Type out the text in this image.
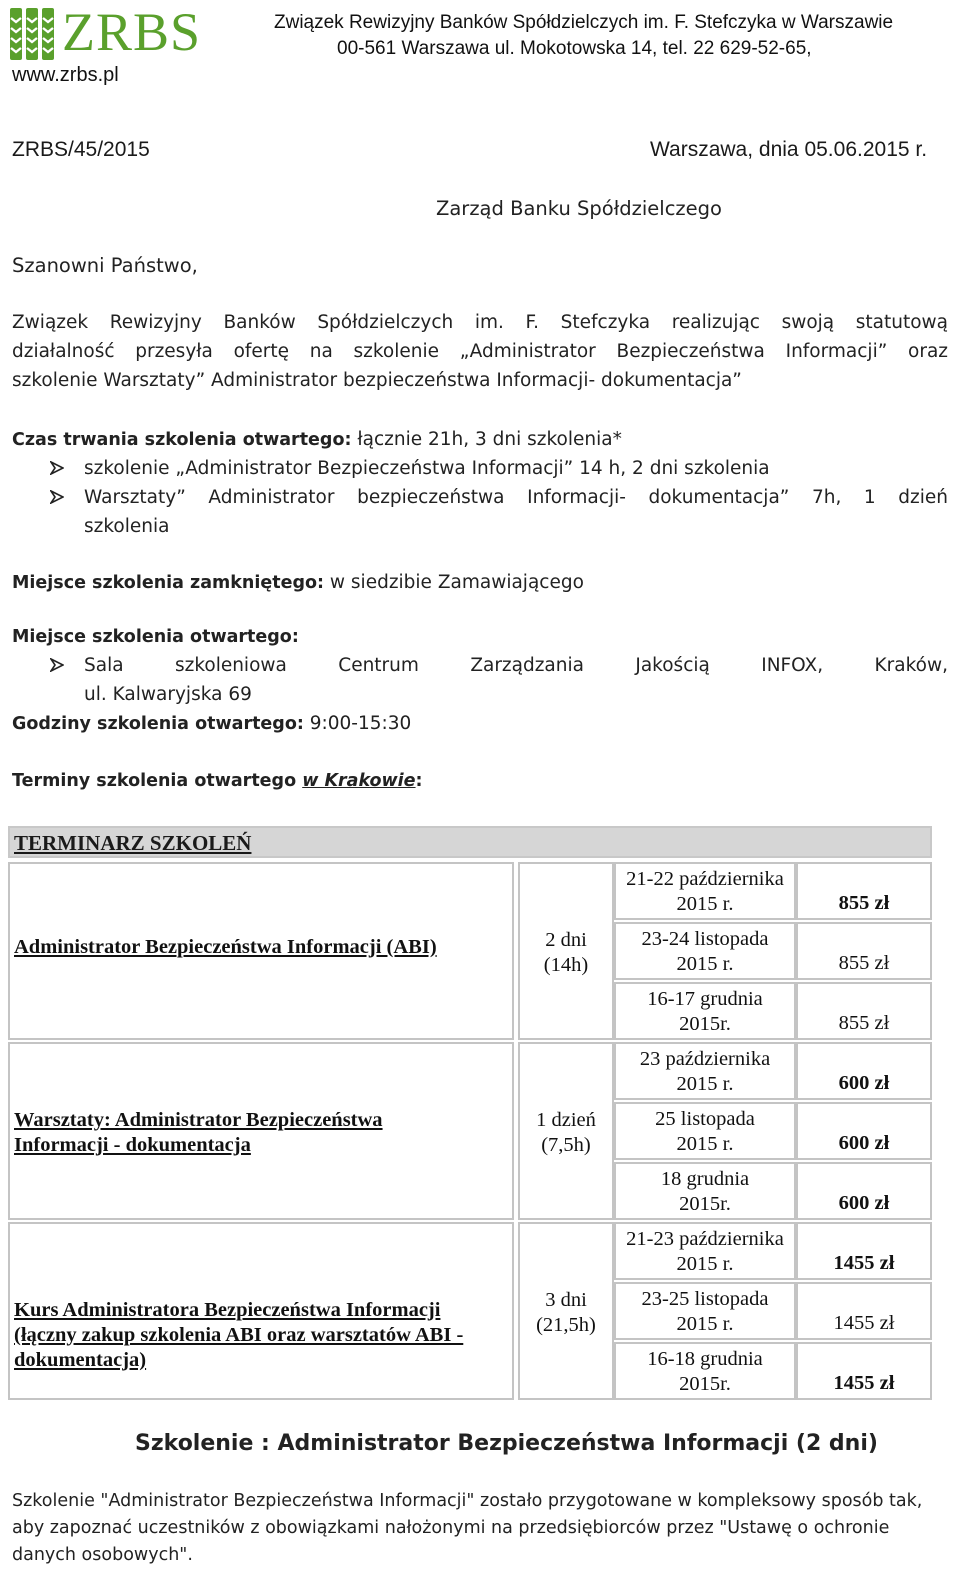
ZRBS
www.zrbs.pl
Związek Rewizyjny Banków Spółdzielczych im. F. Stefczyka w Warszawie
00-561 Warszawa ul. Mokotowska 14, tel. 22 629-52-65,
ZRBS/45/2015	Warszawa, dnia 05.06.2015 r.
Zarząd Banku Spółdzielczego
Szanowni Państwo,
Związek Rewizyjny Banków Spółdzielczych im. F. Stefczyka realizując swoją statutową
działalność przesyła ofertę na szkolenie „Administrator Bezpieczeństwa Informacji” oraz
szkolenie Warsztaty” Administrator bezpieczeństwa Informacji- dokumentacja”
Czas trwania szkolenia otwartego: łącznie 21h, 3 dni szkolenia*
szkolenie „Administrator Bezpieczeństwa Informacji” 14 h, 2 dni szkolenia
Warsztaty” Administrator bezpieczeństwa Informacji- dokumentacja” 7h, 1 dzień
szkolenia
Miejsce szkolenia zamkniętego: w siedzibie Zamawiającego
Miejsce szkolenia otwartego:
Sala szkoleniowa Centrum Zarządzania Jakością INFOX, Kraków,
ul. Kalwaryjska 69
Godziny szkolenia otwartego: 9:00-15:30
Terminy szkolenia otwartego w Krakowie:
TERMINARZ SZKOLEŃ
Administrator Bezpieczeństwa Informacji (ABI)	2 dni
(14h)
21-22 października
2015 r.	855 zł
23-24 listopada
2015 r.	855 zł
16-17 grudnia
2015r.	855 zł
Warsztaty: Administrator Bezpieczeństwa
Informacji - dokumentacja
1 dzień
(7,5h)
23 października
2015 r.	600 zł
25 listopada
2015 r.	600 zł
18 grudnia
2015r.	600 zł
Kurs Administratora Bezpieczeństwa Informacji
(łączny zakup szkolenia ABI oraz warsztatów ABI -
dokumentacja)
3 dni
(21,5h)
21-23 października
2015 r.	1455 zł
23-25 listopada
2015 r.	1455 zł
16-18 grudnia
2015r.	1455 zł
Szkolenie : Administrator Bezpieczeństwa Informacji (2 dni)
Szkolenie "Administrator Bezpieczeństwa Informacji" zostało przygotowane w kompleksowy sposób tak,
aby zapoznać uczestników z obowiązkami nałożonymi na przedsiębiorców przez "Ustawę o ochronie
danych osobowych".
